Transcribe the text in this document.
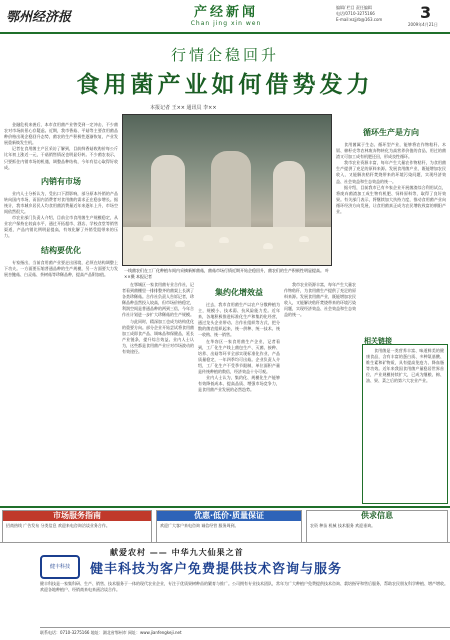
鄂州经济报	产经新闻
Chan jing xin wen
编辑/ 栏目 责任编辑
电话/0710-3275166
E-mail:ezjjrb@163.com	3
2009年4月21日
行情企稳回升
食用菌产业如何借势发力
本报记者 王×× 通讯员 李××
一线菌农们在工厂化种植车间内采摘新鲜菌菇，菌菇市场行情近期开始企稳回升，菌农们的生产积极性明显提高。 叶××摄 本报记者

金融危机来袭后，本市食用菌产业曾受到一定冲击，不少菌农对市场前景心存疑虑。近期，我市香菇、平菇等主要食用菌品种价格出现企稳回升态势，菌农的生产积极性逐渐恢复，产业发展重新焕发生机。

记者在食用菌主产区采访了解到，目前鲜香菇收购价每公斤比年初上涨近一元，干菇销售情况也明显好转。不少菌农表示，只要抓住内销市场的机遇，调整品种结构，今年有信心取得好收成。

内销有市场

业内人士分析认为，受出口下滑影响，部分原本外销的产品转向国内市场，而国内消费者对食用菌的需求正在稳步增长。据统计，我市城乡居民人均食用菌消费量近年来逐年上升，市场空间依然很大。

市农业部门负责人介绍，目前全市食用菌生产规模稳定，从业农户保持在较高水平，通过开拓超市、酒店、学校食堂等销售渠道，产品内销比例明显提高，有效化解了外销受阻带来的压力。

结构要优化

专家指出，当前食用菌产业要走出困境，必须在结构调整上下功夫。一方面要压缩普通品种的生产规模，另一方面要大力发展杏鲍菇、白灵菇、茶树菇等珍稀品种，提高产品附加值。

在鄂城区一家食用菌专业合作社，记者看到菌棚里一排排整齐的菌架上长满了各类珍稀菇。合作社负责人告诉记者，珍稀品种虽然投入较高，但市场价格稳定，利润空间是普通品种的两到三倍，今年合作社计划进一步扩大珍稀菇的生产规模。

与此同时，精深加工也成为结构优化的重要方向。部分企业开始尝试将食用菌加工成即食产品、调味品和保健品，延长产业链条，提升综合效益。业内人士认为，这些都是食用菌产业应对市场波动的有效途径。

集约化增效益

过去，我市食用菌生产以农户分散种植为主，规模小、技术弱、抗风险能力差。近年来，各地积极推进标准化生产和集约化经营，通过龙头企业带动、合作社组织等方式，把分散的菌农组织起来，统一供种、统一技术、统一收购、统一销售。

在华容区一家食用菌生产企业，记者看到，工厂化生产线上菌包生产、灭菌、接种、培养、出菇等环节全部实现标准化作业，产品质量稳定，一年四季均可出菇。企业负责人介绍，工厂化生产不受季节限制，单位面积产量是传统种植的数倍，经济效益十分可观。

业内人士认为，集约化、规模化生产能够有效降低成本、提高品质、增强市场竞争力，是食用菌产业发展的必然趋势。

循环生产是方向

食用菌属于生态、循环型产业，能够将农作物秸秆、木屑、棉籽壳等农林废弃物转化为高营养价值的食品，用过的菌渣又可加工成有机肥还田，形成良性循环。

我市农业资源丰富，每年产生大量农作物秸秆，为食用菌生产提供了充足的原料来源。发展食用菌产业，既能增加农民收入，又能解决秸秆焚烧带来的环境污染问题，实现经济效益、社会效益和生态效益的统一。

据介绍，目前我市已有多家企业开展菌渣综合利用试点，将废弃菌渣加工成生物有机肥、饲料原料等，取得了良好效果。有关部门表示，将继续加大扶持力度，推动食用菌产业向循环经济方向发展，让食用菌真正成为农民增收致富的朝阳产业。

我市农业资源丰富，每年产生大量农作物秸秆，为食用菌生产提供了充足的原料来源。发展食用菌产业，既能增加农民收入，又能解决秸秆焚烧带来的环境污染问题，实现经济效益、社会效益和生态效益的统一。

相关链接

食用菌是一类营养丰富、味道鲜美的健康食品，含有丰富的蛋白质、多种氨基酸、维生素和矿物质，具有提高免疫力、降血脂等功效。近年来我国食用菌产量稳居世界首位，产业规模持续扩大，已成为继粮、棉、油、果、菜之后的第六大农业产业。

市场服务指南
招商热线 广告发布 分类信息 欢迎来电咨询洽谈业务合作。
优惠·低价·质量保证
欢迎广大客户来电咨询 诚信经营 服务周到。
供求信息
农资 种苗 机械 技术服务 欢迎垂询。
献爱农村 —— 中华九大仙果之首
健丰科技	健丰科技为客户免费提供技术咨询与服务
健丰科技是一家集科研、生产、销售、技术服务于一体的现代农业企业，专注于优质果树种苗的繁育与推广。公司拥有专业技术团队，常年为广大种植户免费提供技术咨询、栽培指导和售后服务，帮助农民朋友科学种植、增产增收。欢迎各地种植户、经销商来电来函洽谈合作。
联系电话：0710-3275166 地址：湖北省鄂州市 网址：www.jianfengkeji.net
